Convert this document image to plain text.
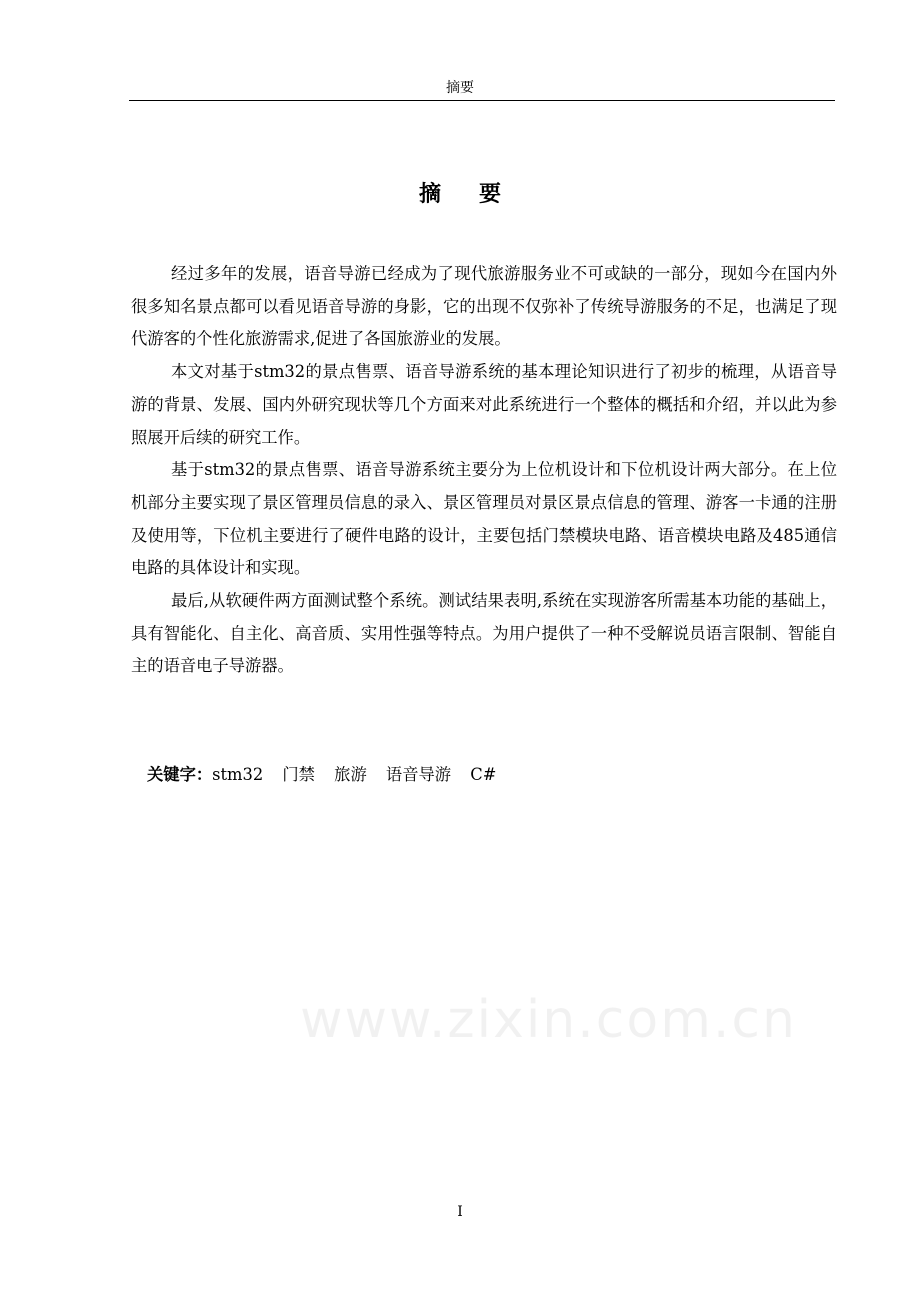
摘要
摘要

经过多年的发展，语音导游已经成为了现代旅游服务业不可或缺的一部分，现如今在国内外很多知名景点都可以看见语音导游的身影，它的出现不仅弥补了传统导游服务的不足，也满足了现代游客的个性化旅游需求,促进了各国旅游业的发展。

本文对基于stm32的景点售票、语音导游系统的基本理论知识进行了初步的梳理，从语音导游的背景、发展、国内外研究现状等几个方面来对此系统进行一个整体的概括和介绍，并以此为参照展开后续的研究工作。

基于stm32的景点售票、语音导游系统主要分为上位机设计和下位机设计两大部分。在上位机部分主要实现了景区管理员信息的录入、景区管理员对景区景点信息的管理、游客一卡通的注册及使用等，下位机主要进行了硬件电路的设计，主要包括门禁模块电路、语音模块电路及485通信电路的具体设计和实现。

最后,从软硬件两方面测试整个系统。测试结果表明,系统在实现游客所需基本功能的基础上，具有智能化、自主化、高音质、实用性强等特点。为用户提供了一种不受解说员语言限制、智能自主的语音电子导游器。

关键字：stm32 门禁 旅游 语音导游 C#
www.zixin.com.cn
I
